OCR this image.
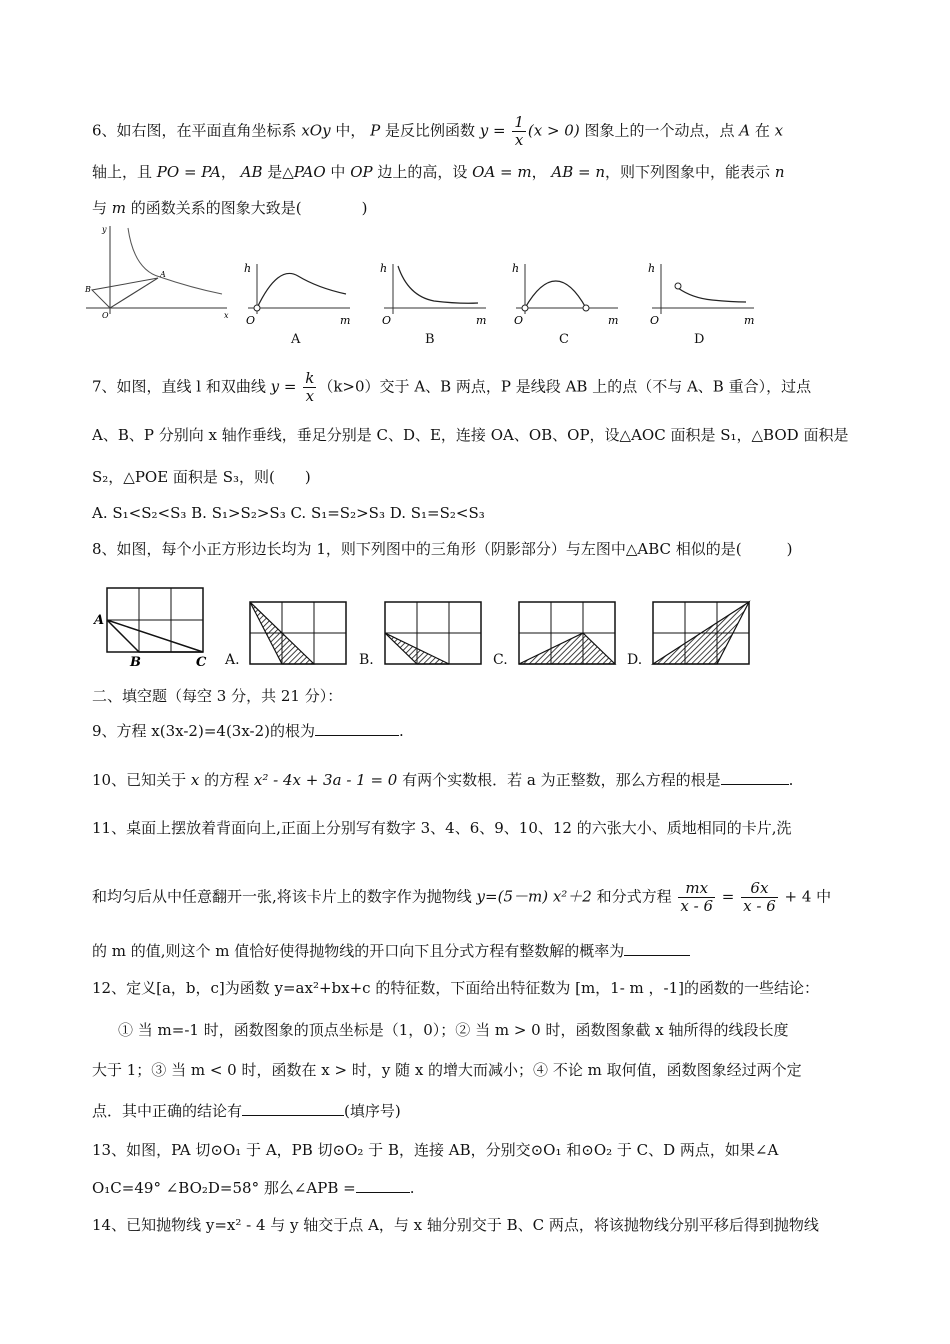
6、如右图，在平面直角坐标系 xOy 中， P 是反比例函数 $y = \frac{1}{x} (x > 0)$ 图象上的一个动点，点 A 在 x
轴上，且 PO = PA， AB 是△PAO 中 OP 边上的高，设 OA = m， AB = n，则下列图象中，能表示 n
与 m 的函数关系的图象大致是(	)
y
x
O
A
B
h
O	m
h
O	m
h
O	m
h
O	m
A	B	C	D
7、如图，直线 l 和双曲线 $y = \frac{k}{x} (k>0)$交于 A、B 两点，P 是线段 AB 上的点（不与 A、B 重合），过点
A、B、P 分别向 x 轴作垂线，垂足分别是 C、D、E，连接 OA、OB、OP，设△AOC 面积是 S₁，△BOD 面积是
S₂，△POE 面积是 S₃，则(　　)
A. S₁<S₂<S₃ B. S₁>S₂>S₃ C. S₁=S₂>S₃ D. S₁=S₂<S₃
8、如图，每个小正方形边长均为 1，则下列图中的三角形（阴影部分）与左图中△ABC 相似的是(　　　)
A
B	C A.	B.	C.	D.
二、填空题（每空 3 分，共 21 分）：
9、方程 x(3x-2)=4(3x-2)的根为	.
10、已知关于 x 的方程 x² - 4x + 3a - 1 = 0 有两个实数根．若 a 为正整数，那么方程的根是	.
11、桌面上摆放着背面向上,正面上分别写有数字 3、4、6、9、10、12 的六张大小、质地相同的卡片,洗
和均匀后从中任意翻开一张,将该卡片上的数字作为抛物线 y=(5－m) x²＋2 和分式方程 $\frac{mx}{x - 6} = \frac{6x}{x - 6} + 4$ 中
的 m 的值,则这个 m 值恰好使得抛物线的开口向下且分式方程有整数解的概率为
12、定义[a，b，c]为函数 y=ax²+bx+c 的特征数，下面给出特征数为 [m，1- m ，-1]的函数的一些结论：
① 当 m=-1 时，函数图象的顶点坐标是（1，0）；② 当 m > 0 时，函数图象截 x 轴所得的线段长度
大于 1；③ 当 m < 0 时，函数在 x > 时，y 随 x 的增大而减小；④ 不论 m 取何值，函数图象经过两个定
点．其中正确的结论有	(填序号)
13、如图，PA 切⊙O₁ 于 A，PB 切⊙O₂ 于 B，连接 AB，分别交⊙O₁ 和⊙O₂ 于 C、D 两点，如果∠A
O₁C=49° ∠BO₂D=58° 那么∠APB =	.
14、已知抛物线 y=x² - 4 与 y 轴交于点 A，与 x 轴分别交于 B、C 两点，将该抛物线分别平移后得到抛物线
